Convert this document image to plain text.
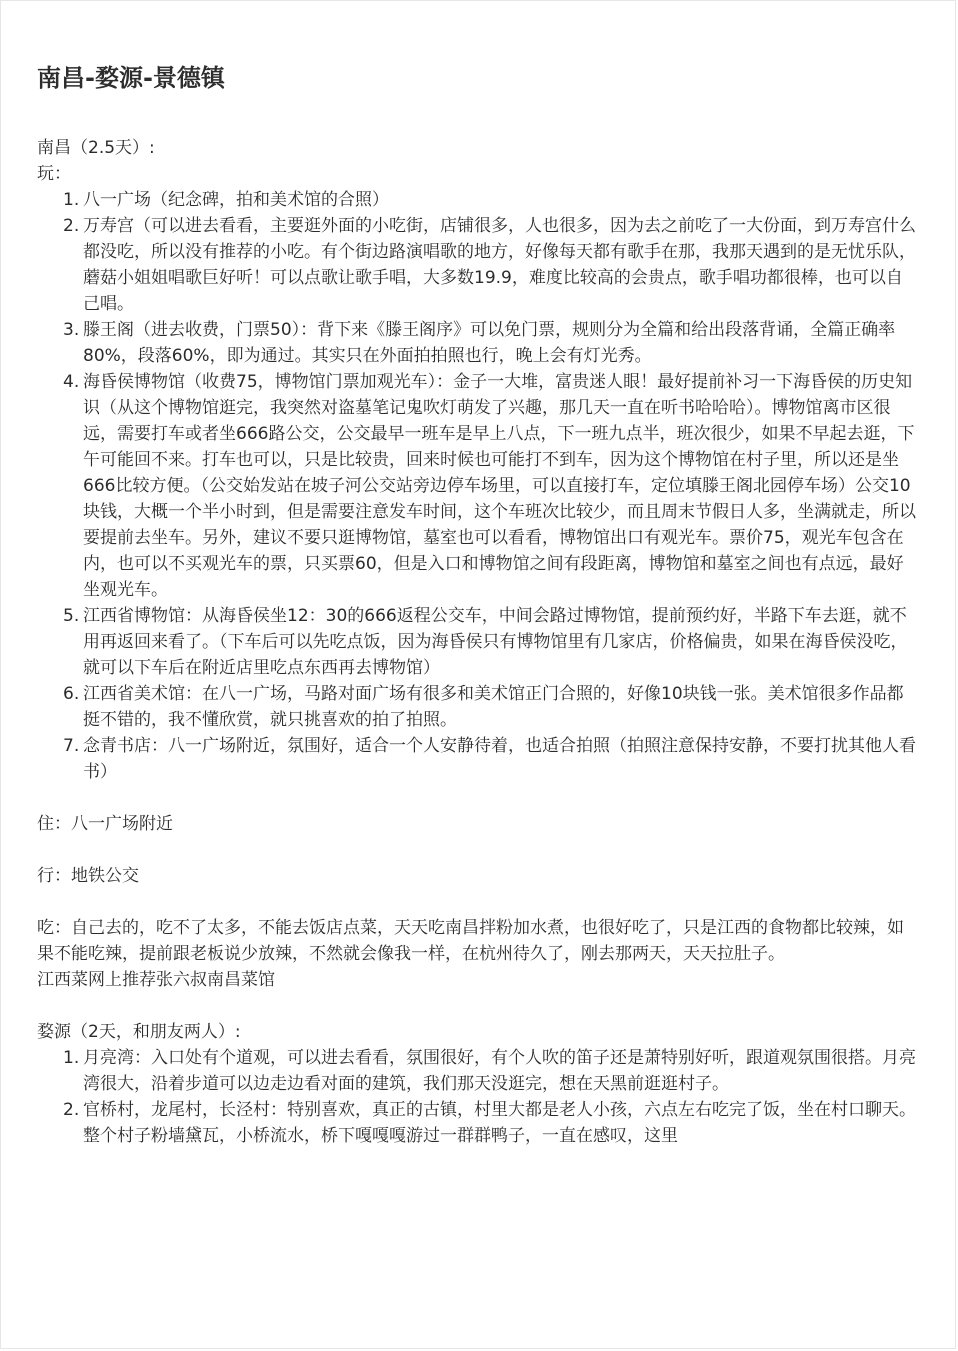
南昌-婺源-景德镇

南昌（2.5天）:

玩：

1. 八一广场（纪念碑，拍和美术馆的合照）
2. 万寿宫（可以进去看看，主要逛外面的小吃街，店铺很多，人也很多，因为去之前吃了一大份面，到万寿宫什么都没吃，所以没有推荐的小吃。有个街边路演唱歌的地方，好像每天都有歌手在那，我那天遇到的是无忧乐队，蘑菇小姐姐唱歌巨好听！可以点歌让歌手唱，大多数19.9，难度比较高的会贵点，歌手唱功都很棒，也可以自己唱。
3. 滕王阁（进去收费，门票50）：背下来《滕王阁序》可以免门票，规则分为全篇和给出段落背诵，全篇正确率80%，段落60%，即为通过。其实只在外面拍拍照也行，晚上会有灯光秀。
4. 海昏侯博物馆（收费75，博物馆门票加观光车）：金子一大堆，富贵迷人眼！最好提前补习一下海昏侯的历史知识（从这个博物馆逛完，我突然对盗墓笔记鬼吹灯萌发了兴趣，那几天一直在听书哈哈哈）。博物馆离市区很远，需要打车或者坐666路公交，公交最早一班车是早上八点，下一班九点半，班次很少，如果不早起去逛，下午可能回不来。打车也可以，只是比较贵，回来时候也可能打不到车，因为这个博物馆在村子里，所以还是坐666比较方便。（公交始发站在坡子河公交站旁边停车场里，可以直接打车，定位填滕王阁北园停车场）公交10块钱，大概一个半小时到，但是需要注意发车时间，这个车班次比较少，而且周末节假日人多，坐满就走，所以要提前去坐车。另外，建议不要只逛博物馆，墓室也可以看看，博物馆出口有观光车。票价75，观光车包含在内，也可以不买观光车的票，只买票60，但是入口和博物馆之间有段距离，博物馆和墓室之间也有点远，最好坐观光车。
5. 江西省博物馆：从海昏侯坐12：30的666返程公交车，中间会路过博物馆，提前预约好，半路下车去逛，就不用再返回来看了。（下车后可以先吃点饭，因为海昏侯只有博物馆里有几家店，价格偏贵，如果在海昏侯没吃，就可以下车后在附近店里吃点东西再去博物馆）
6. 江西省美术馆：在八一广场，马路对面广场有很多和美术馆正门合照的，好像10块钱一张。美术馆很多作品都挺不错的，我不懂欣赏，就只挑喜欢的拍了拍照。
7. 念青书店：八一广场附近，氛围好，适合一个人安静待着，也适合拍照（拍照注意保持安静，不要打扰其他人看书）

住：八一广场附近

行：地铁公交

吃：自己去的，吃不了太多，不能去饭店点菜，天天吃南昌拌粉加水煮，也很好吃了，只是江西的食物都比较辣，如果不能吃辣，提前跟老板说少放辣，不然就会像我一样，在杭州待久了，刚去那两天，天天拉肚子。

江西菜网上推荐张六叔南昌菜馆

婺源（2天，和朋友两人）:

1. 月亮湾：入口处有个道观，可以进去看看，氛围很好，有个人吹的笛子还是萧特别好听，跟道观氛围很搭。月亮湾很大，沿着步道可以边走边看对面的建筑，我们那天没逛完，想在天黑前逛逛村子。
2. 官桥村，龙尾村，长泾村：特别喜欢，真正的古镇，村里大都是老人小孩，六点左右吃完了饭，坐在村口聊天。整个村子粉墙黛瓦，小桥流水，桥下嘎嘎嘎游过一群群鸭子，一直在感叹，这里
